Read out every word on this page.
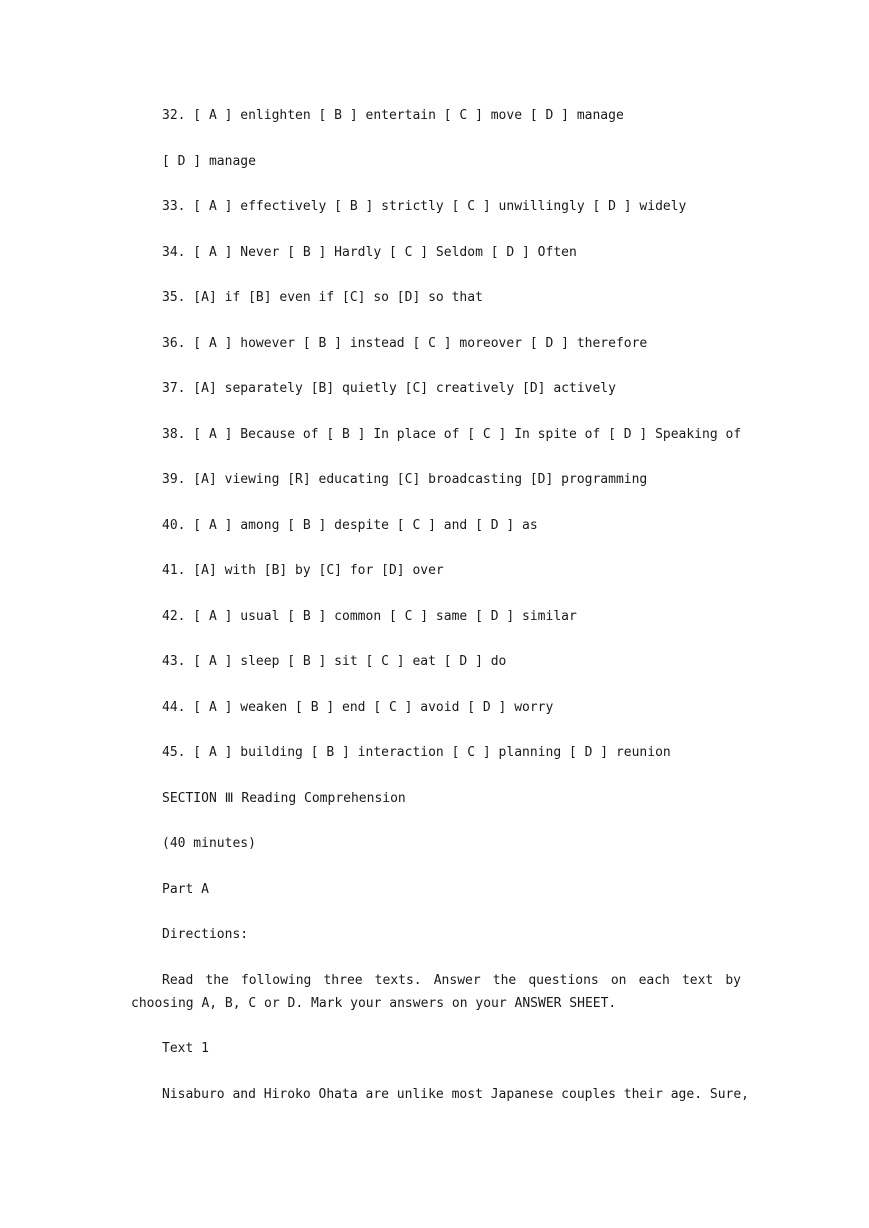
32. [ A ] enlighten [ B ] entertain [ C ] move [ D ] manage
[ D ] manage
33. [ A ] effectively [ B ] strictly [ C ] unwillingly [ D ] widely
34. [ A ] Never [ B ] Hardly [ C ] Seldom [ D ] Often
35. [A] if [B] even if [C] so [D] so that
36. [ A ] however [ B ] instead [ C ] moreover [ D ] therefore
37. [A] separately [B] quietly [C] creatively [D] actively
38. [ A ] Because of [ B ] In place of [ C ] In spite of [ D ] Speaking of
39. [A] viewing [R] educating [C] broadcasting [D] programming
40. [ A ] among [ B ] despite [ C ] and [ D ] as
41. [A] with [B] by [C] for [D] over
42. [ A ] usual [ B ] common [ C ] same [ D ] similar
43. [ A ] sleep [ B ] sit [ C ] eat [ D ] do
44. [ A ] weaken [ B ] end [ C ] avoid [ D ] worry
45. [ A ] building [ B ] interaction [ C ] planning [ D ] reunion
SECTION Ⅲ Reading Comprehension
(40 minutes)
Part A
Directions:
Read the following three texts. Answer the questions on each text by choosing A, B, C or D. Mark your answers on your ANSWER SHEET.
Text 1
Nisaburo and Hiroko Ohata are unlike most Japanese couples their age. Sure,
